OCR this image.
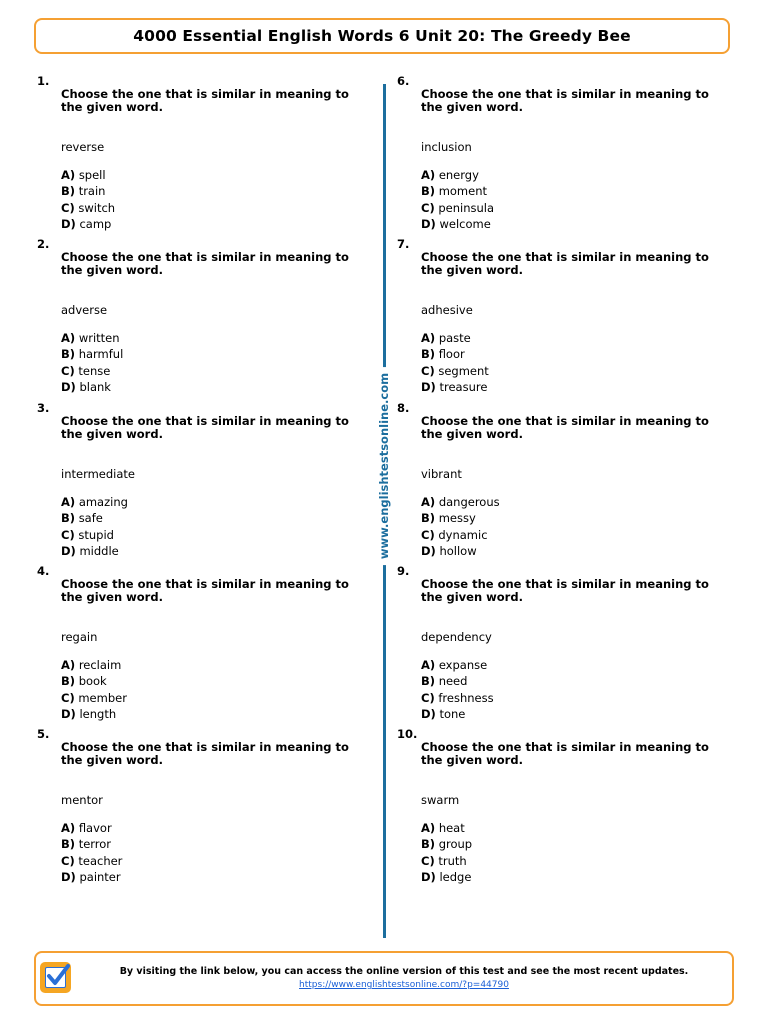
4000 Essential English Words 6 Unit 20: The Greedy Bee
www.englishtestsonline.com
1.
Choose the one that is similar in meaning to the given word.
reverse
A) spell
B) train
C) switch
D) camp
2.
Choose the one that is similar in meaning to the given word.
adverse
A) written
B) harmful
C) tense
D) blank
3.
Choose the one that is similar in meaning to the given word.
intermediate
A) amazing
B) safe
C) stupid
D) middle
4.
Choose the one that is similar in meaning to the given word.
regain
A) reclaim
B) book
C) member
D) length
5.
Choose the one that is similar in meaning to the given word.
mentor
A) flavor
B) terror
C) teacher
D) painter
6.
Choose the one that is similar in meaning to the given word.
inclusion
A) energy
B) moment
C) peninsula
D) welcome
7.
Choose the one that is similar in meaning to the given word.
adhesive
A) paste
B) floor
C) segment
D) treasure
8.
Choose the one that is similar in meaning to the given word.
vibrant
A) dangerous
B) messy
C) dynamic
D) hollow
9.
Choose the one that is similar in meaning to the given word.
dependency
A) expanse
B) need
C) freshness
D) tone
10.
Choose the one that is similar in meaning to the given word.
swarm
A) heat
B) group
C) truth
D) ledge
By visiting the link below, you can access the online version of this test and see the most recent updates.
https://www.englishtestsonline.com/?p=44790
